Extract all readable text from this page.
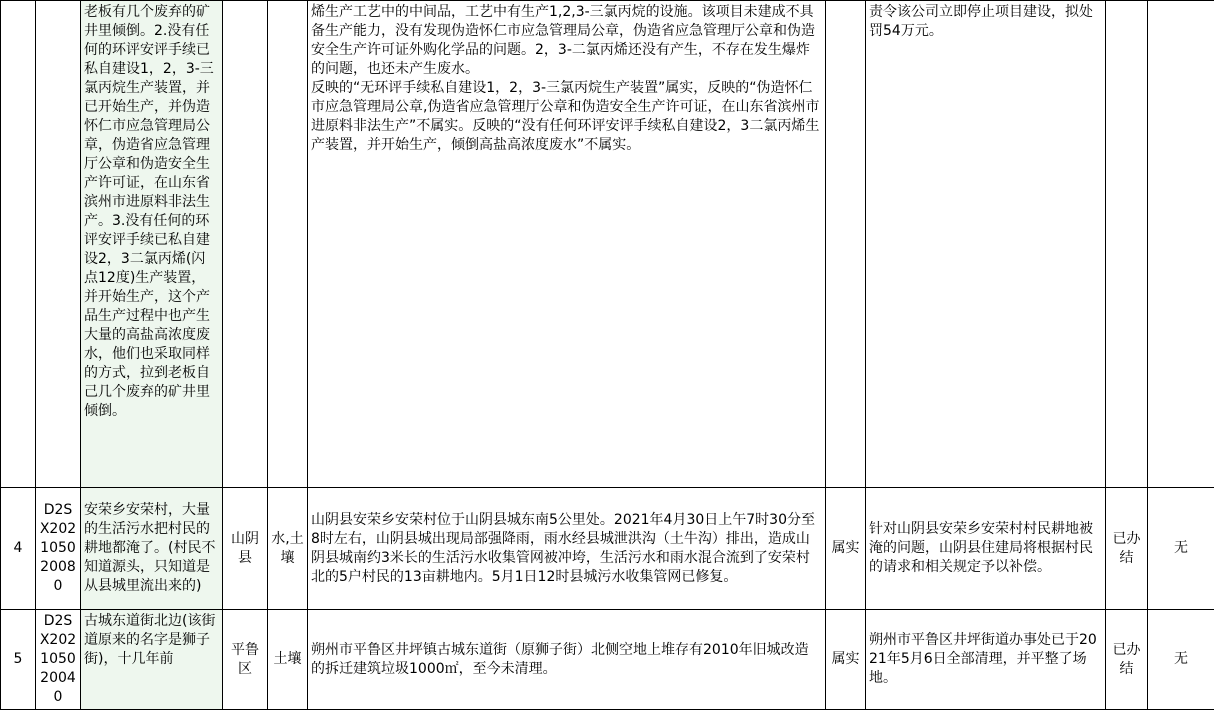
		老板有几个废弃的矿井里倾倒。2.没有任何的环评安评手续已私自建设1，2，3-三氯丙烷生产装置，并已开始生产，并伪造怀仁市应急管理局公章，伪造省应急管理厅公章和伪造安全生产许可证，在山东省滨州市进原料非法生产。3.没有任何的环评安评手续已私自建设2，3二氯丙烯(闪点12度)生产装置，并开始生产，这个产品生产过程中也产生大量的高盐高浓度废水，他们也采取同样的方式，拉到老板自己几个废弃的矿井里倾倒。			烯生产工艺中的中间品，工艺中有生产1,2,3-三氯丙烷的设施。该项目未建成不具备生产能力，没有发现伪造怀仁市应急管理局公章，伪造省应急管理厅公章和伪造安全生产许可证外购化学品的问题。2，3-二氯丙烯还没有产生，不存在发生爆炸的问题，也还未产生废水。
反映的“无环评手续私自建设1，2，3-三氯丙烷生产装置”属实，反映的“伪造怀仁市应急管理局公章,伪造省应急管理厅公章和伪造安全生产许可证，在山东省滨州市进原料非法生产”不属实。反映的“没有任何环评安评手续私自建设2，3二氯丙烯生产装置，并开始生产，倾倒高盐高浓度废水”不属实。		责令该公司立即停止项目建设，拟处罚54万元。		
4	D2SX202105020080	安荣乡安荣村，大量的生活污水把村民的耕地都淹了。(村民不知道源头，只知道是从县城里流出来的)	山阴县	水,土壤	山阴县安荣乡安荣村位于山阴县城东南5公里处。2021年4月30日上午7时30分至8时左右，山阴县城出现局部强降雨，雨水经县城泄洪沟（土牛沟）排出，造成山阴县城南约3米长的生活污水收集管网被冲垮，生活污水和雨水混合流到了安荣村北的5户村民的13亩耕地内。5月1日12时县城污水收集管网已修复。	属实	针对山阴县安荣乡安荣村村民耕地被淹的问题，山阴县住建局将根据村民的请求和相关规定予以补偿。	已办结	无
5	D2SX202105020040	古城东道街北边(该街道原来的名字是狮子街)，十几年前	平鲁区	土壤	朔州市平鲁区井坪镇古城东道街（原狮子街）北侧空地上堆存有2010年旧城改造的拆迁建筑垃圾1000㎡，至今未清理。	属实	朔州市平鲁区井坪街道办事处已于2021年5月6日全部清理，并平整了场地。	已办结	无
